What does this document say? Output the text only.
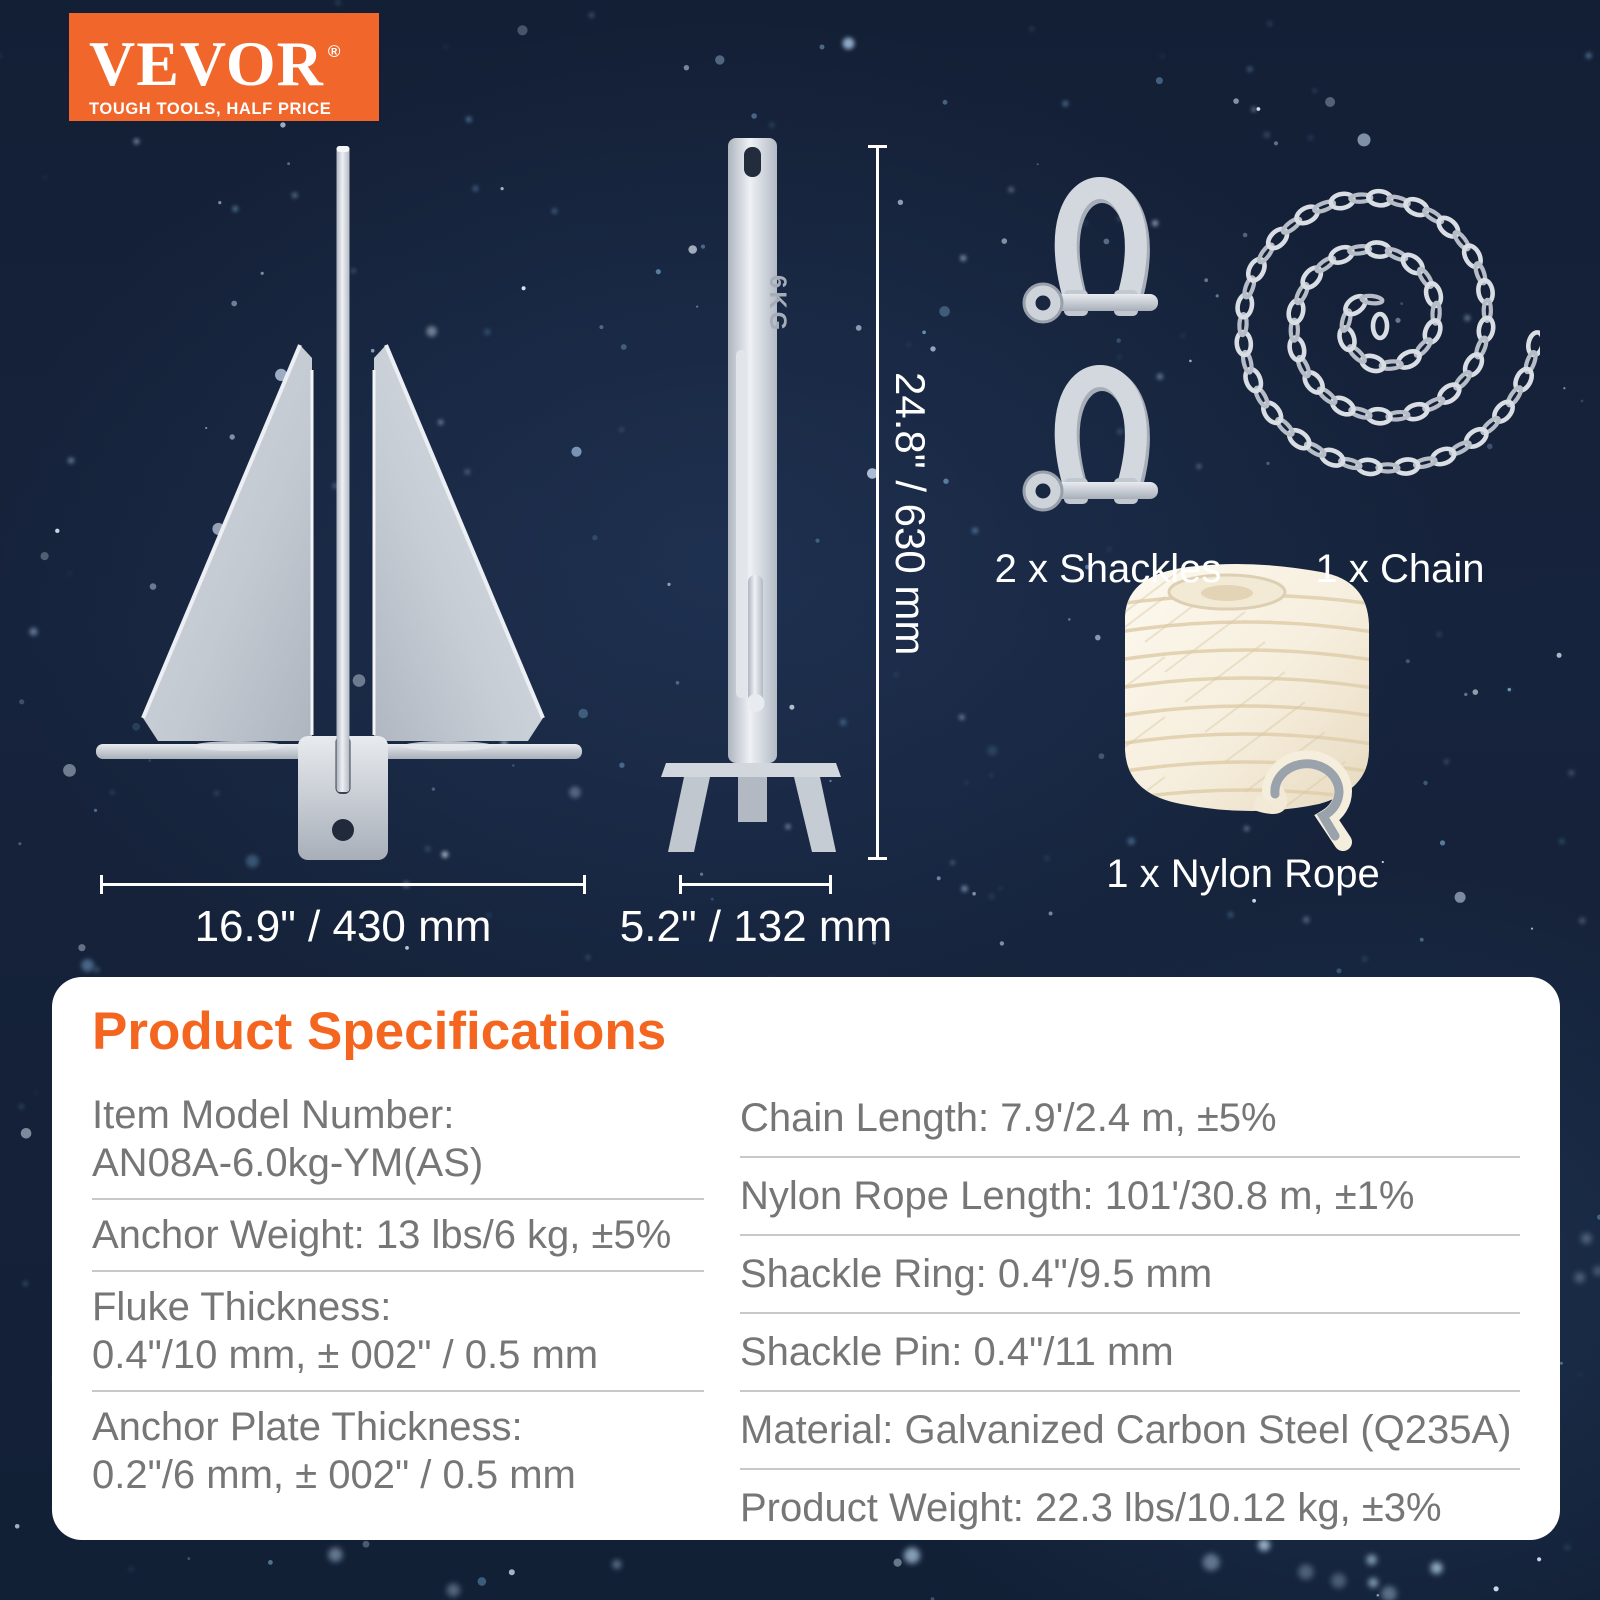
VEVOR ®
TOUGH TOOLS, HALF PRICE
6KG
24.8" / 630 mm
16.9" / 430 mm	5.2" / 132 mm
2 x Shackles 1 x Chain
1 x Nylon Rope
Product Specifications
Item Model Number:
AN08A-6.0kg-YM(AS)
Anchor Weight: 13 lbs/6 kg, ±5%
Fluke Thickness:
0.4"/10 mm, ± 002" / 0.5 mm
Anchor Plate Thickness:
0.2"/6 mm, ± 002" / 0.5 mm
Chain Length: 7.9'/2.4 m, ±5%
Nylon Rope Length: 101'/30.8 m, ±1%
Shackle Ring: 0.4"/9.5 mm
Shackle Pin: 0.4"/11 mm
Material: Galvanized Carbon Steel (Q235A)
Product Weight: 22.3 lbs/10.12 kg, ±3%
